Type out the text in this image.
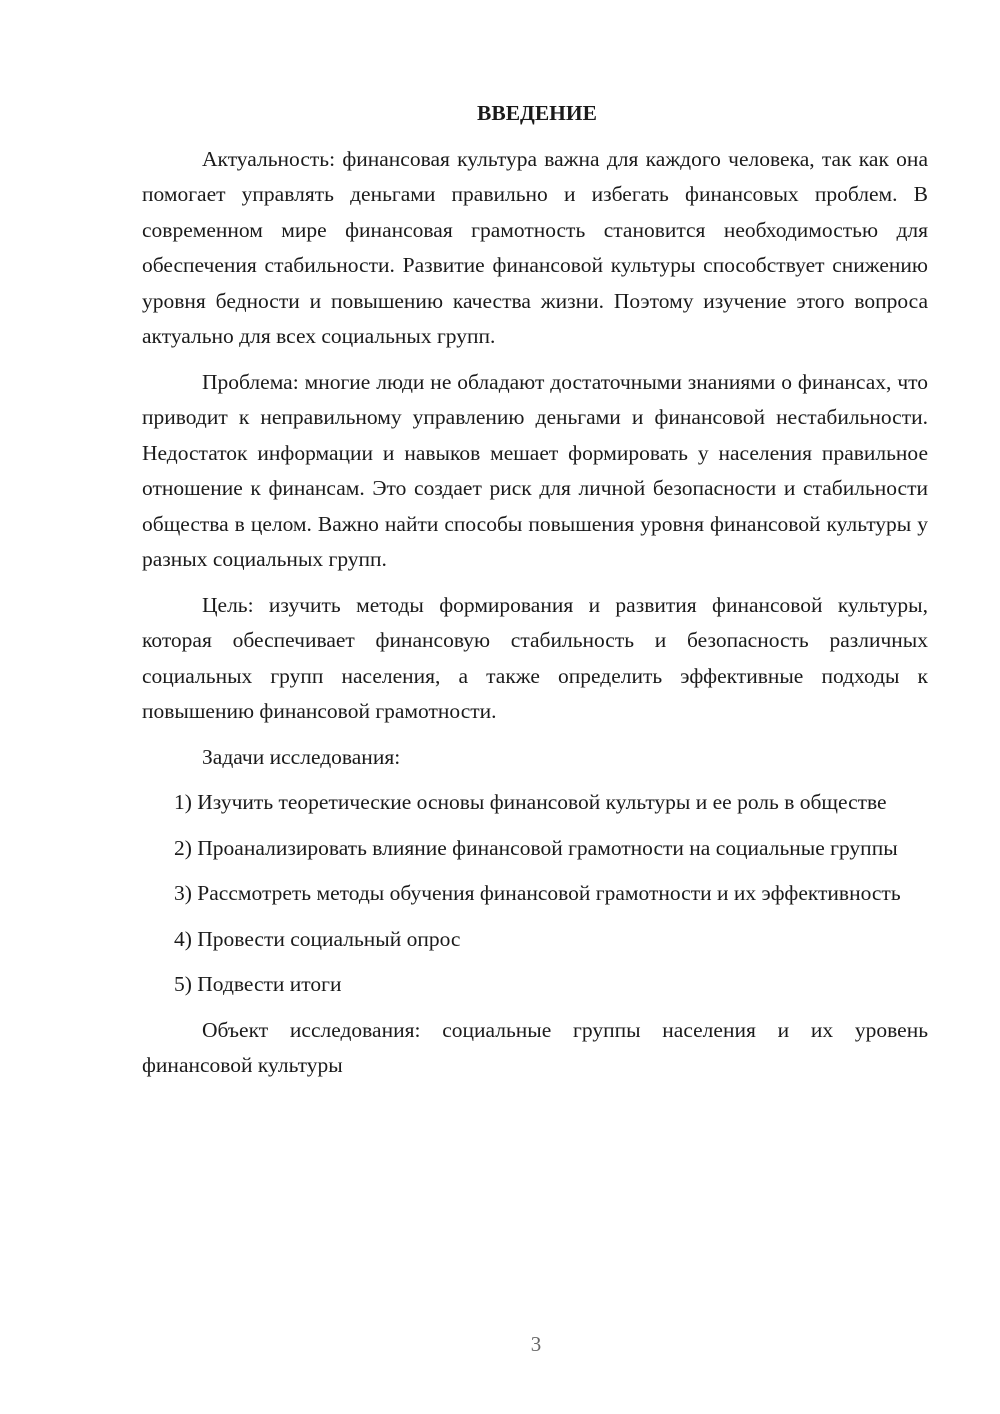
ВВЕДЕНИЕ

Актуальность: финансовая культура важна для каждого человека, так как она помогает управлять деньгами правильно и избегать финансовых проблем. В современном мире финансовая грамотность становится необходимостью для обеспечения стабильности. Развитие финансовой культуры способствует снижению уровня бедности и повышению качества жизни. Поэтому изучение этого вопроса актуально для всех социальных групп.

Проблема: многие люди не обладают достаточными знаниями о финансах, что приводит к неправильному управлению деньгами и финансовой нестабильности. Недостаток информации и навыков мешает формировать у населения правильное отношение к финансам. Это создает риск для личной безопасности и стабильности общества в целом. Важно найти способы повышения уровня финансовой культуры у разных социальных групп.

Цель: изучить методы формирования и развития финансовой культуры, которая обеспечивает финансовую стабильность и безопасность различных социальных групп населения, а также определить эффективные подходы к повышению финансовой грамотности.

Задачи исследования:

1) Изучить теоретические основы финансовой культуры и ее роль в обществе

2) Проанализировать влияние финансовой грамотности на социальные группы

3) Рассмотреть методы обучения финансовой грамотности и их эффективность

4) Провести социальный опрос

5) Подвести итоги

Объект исследования: социальные группы населения и их уровень финансовой культуры

3
